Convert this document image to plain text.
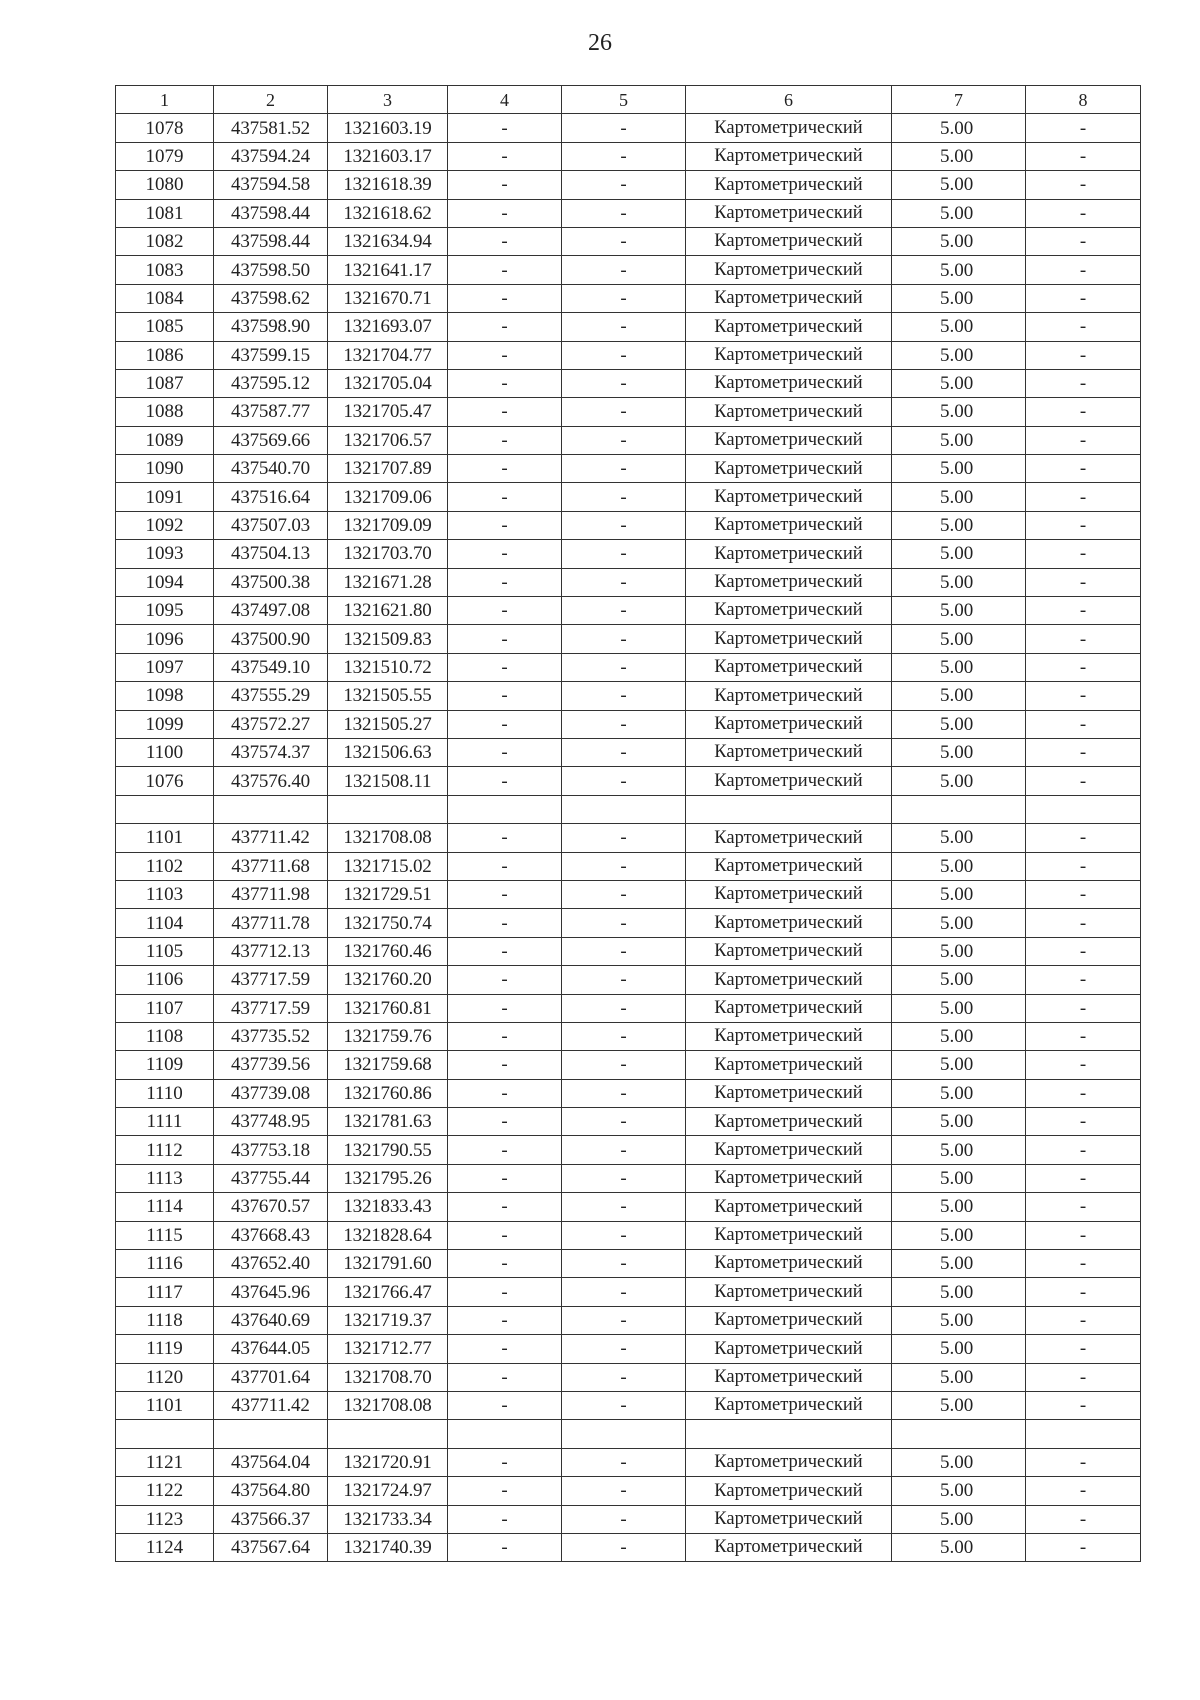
26
1	2	3	4	5	6	7	8
1078	437581.52	1321603.19	-	-	Картометрический	5.00	-
1079	437594.24	1321603.17	-	-	Картометрический	5.00	-
1080	437594.58	1321618.39	-	-	Картометрический	5.00	-
1081	437598.44	1321618.62	-	-	Картометрический	5.00	-
1082	437598.44	1321634.94	-	-	Картометрический	5.00	-
1083	437598.50	1321641.17	-	-	Картометрический	5.00	-
1084	437598.62	1321670.71	-	-	Картометрический	5.00	-
1085	437598.90	1321693.07	-	-	Картометрический	5.00	-
1086	437599.15	1321704.77	-	-	Картометрический	5.00	-
1087	437595.12	1321705.04	-	-	Картометрический	5.00	-
1088	437587.77	1321705.47	-	-	Картометрический	5.00	-
1089	437569.66	1321706.57	-	-	Картометрический	5.00	-
1090	437540.70	1321707.89	-	-	Картометрический	5.00	-
1091	437516.64	1321709.06	-	-	Картометрический	5.00	-
1092	437507.03	1321709.09	-	-	Картометрический	5.00	-
1093	437504.13	1321703.70	-	-	Картометрический	5.00	-
1094	437500.38	1321671.28	-	-	Картометрический	5.00	-
1095	437497.08	1321621.80	-	-	Картометрический	5.00	-
1096	437500.90	1321509.83	-	-	Картометрический	5.00	-
1097	437549.10	1321510.72	-	-	Картометрический	5.00	-
1098	437555.29	1321505.55	-	-	Картометрический	5.00	-
1099	437572.27	1321505.27	-	-	Картометрический	5.00	-
1100	437574.37	1321506.63	-	-	Картометрический	5.00	-
1076	437576.40	1321508.11	-	-	Картометрический	5.00	-

1101	437711.42	1321708.08	-	-	Картометрический	5.00	-
1102	437711.68	1321715.02	-	-	Картометрический	5.00	-
1103	437711.98	1321729.51	-	-	Картометрический	5.00	-
1104	437711.78	1321750.74	-	-	Картометрический	5.00	-
1105	437712.13	1321760.46	-	-	Картометрический	5.00	-
1106	437717.59	1321760.20	-	-	Картометрический	5.00	-
1107	437717.59	1321760.81	-	-	Картометрический	5.00	-
1108	437735.52	1321759.76	-	-	Картометрический	5.00	-
1109	437739.56	1321759.68	-	-	Картометрический	5.00	-
1110	437739.08	1321760.86	-	-	Картометрический	5.00	-
1111	437748.95	1321781.63	-	-	Картометрический	5.00	-
1112	437753.18	1321790.55	-	-	Картометрический	5.00	-
1113	437755.44	1321795.26	-	-	Картометрический	5.00	-
1114	437670.57	1321833.43	-	-	Картометрический	5.00	-
1115	437668.43	1321828.64	-	-	Картометрический	5.00	-
1116	437652.40	1321791.60	-	-	Картометрический	5.00	-
1117	437645.96	1321766.47	-	-	Картометрический	5.00	-
1118	437640.69	1321719.37	-	-	Картометрический	5.00	-
1119	437644.05	1321712.77	-	-	Картометрический	5.00	-
1120	437701.64	1321708.70	-	-	Картометрический	5.00	-
1101	437711.42	1321708.08	-	-	Картометрический	5.00	-

1121	437564.04	1321720.91	-	-	Картометрический	5.00	-
1122	437564.80	1321724.97	-	-	Картометрический	5.00	-
1123	437566.37	1321733.34	-	-	Картометрический	5.00	-
1124	437567.64	1321740.39	-	-	Картометрический	5.00	-
